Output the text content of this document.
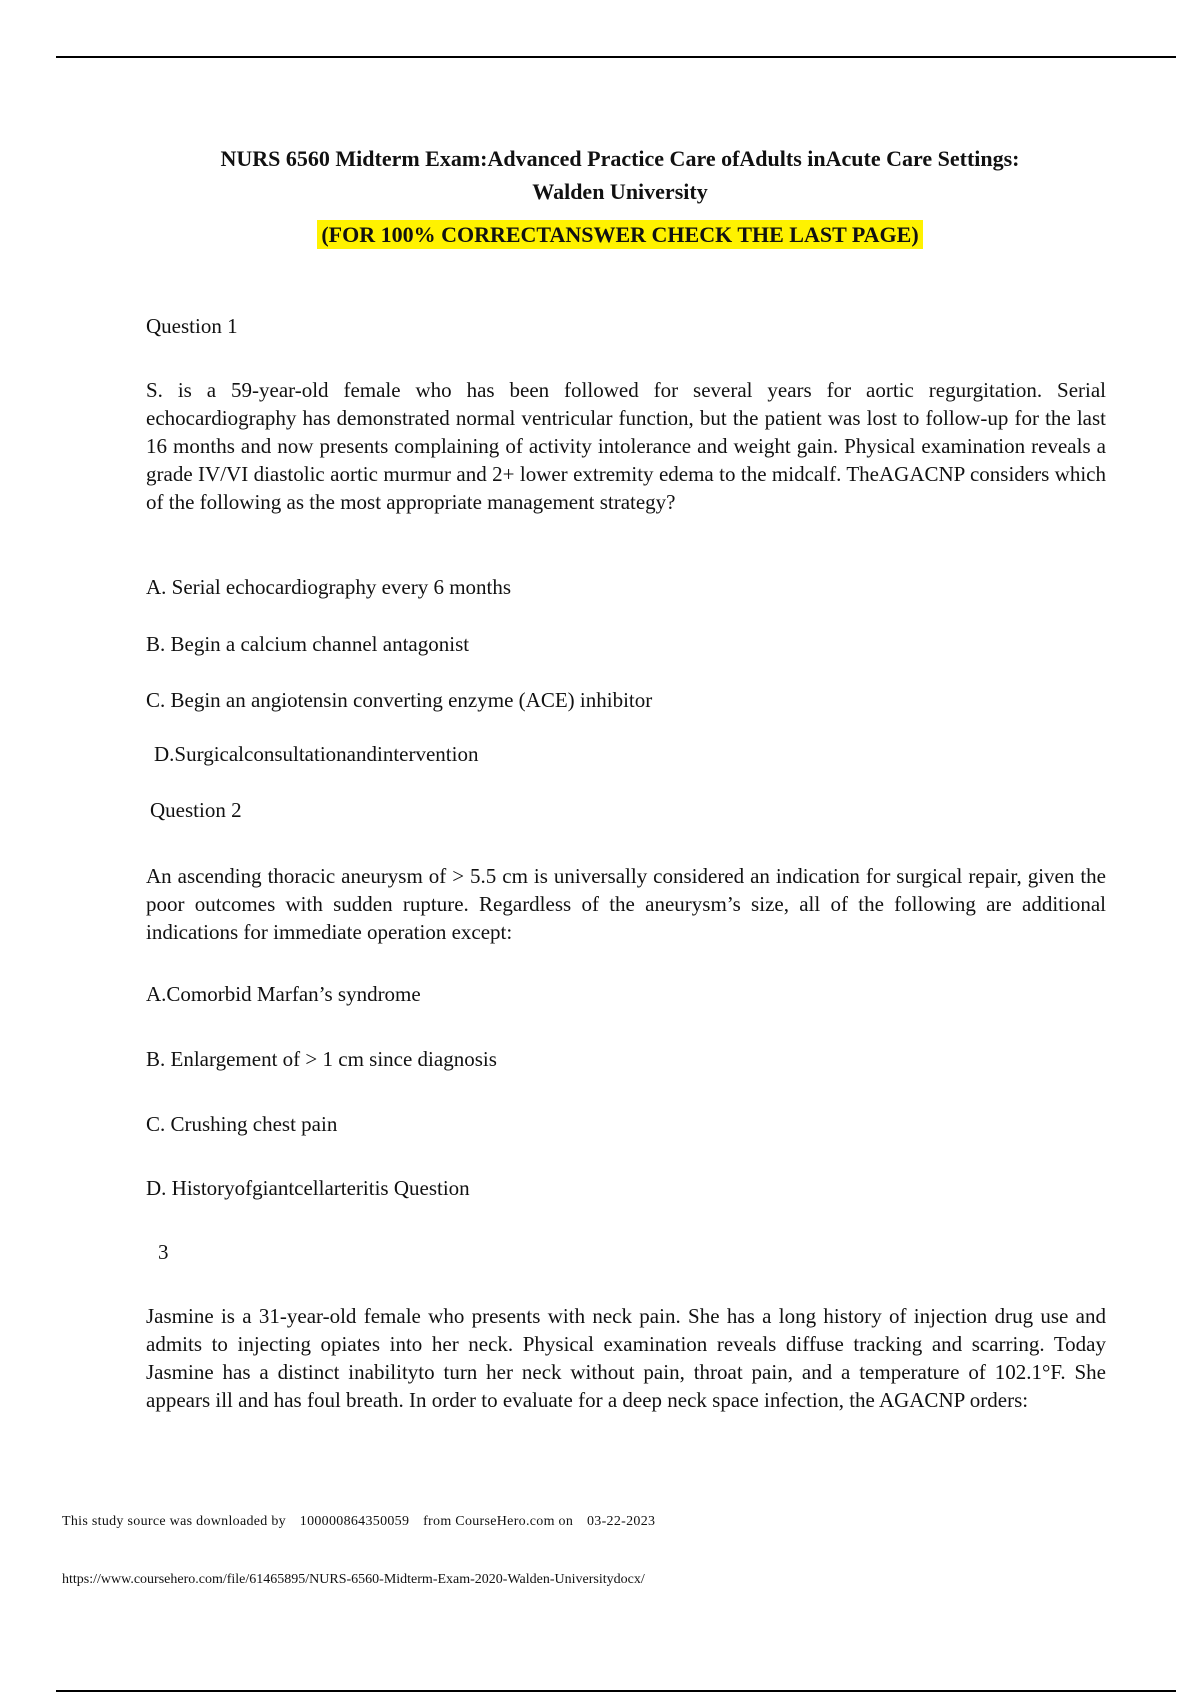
NURS 6560 Midterm Exam:Advanced Practice Care ofAdults inAcute Care Settings:
Walden University
(FOR 100% CORRECTANSWER CHECK THE LAST PAGE)
Question 1
S. is a 59-year-old female who has been followed for several years for aortic regurgitation. Serial echocardiography has demonstrated normal ventricular function, but the patient was lost to follow-up for the last 16 months and now presents complaining of activity intolerance and weight gain. Physical examination reveals a grade IV/VI diastolic aortic murmur and 2+ lower extremity edema to the midcalf. TheAGACNP considers which of the following as the most appropriate management strategy?
A. Serial echocardiography every 6 months
B. Begin a calcium channel antagonist
C. Begin an angiotensin converting enzyme (ACE) inhibitor
D.Surgicalconsultationandintervention
Question 2
An ascending thoracic aneurysm of > 5.5 cm is universally considered an indication for surgical repair, given the poor outcomes with sudden rupture. Regardless of the aneurysm’s size, all of the following are additional indications for immediate operation except:
A.Comorbid Marfan’s syndrome
B. Enlargement of > 1 cm since diagnosis
C. Crushing chest pain
D. Historyofgiantcellarteritis Question
3
Jasmine is a 31-year-old female who presents with neck pain. She has a long history of injection drug use and admits to injecting opiates into her neck. Physical examination reveals diffuse tracking and scarring. Today Jasmine has a distinct inabilityto turn her neck without pain, throat pain, and a temperature of 102.1°F. She appears ill and has foul breath. In order to evaluate for a deep neck space infection, the AGACNP orders:
This study source was downloaded by 100000864350059 from CourseHero.com on 03-22-2023
https://www.coursehero.com/file/61465895/NURS-6560-Midterm-Exam-2020-Walden-Universitydocx/
